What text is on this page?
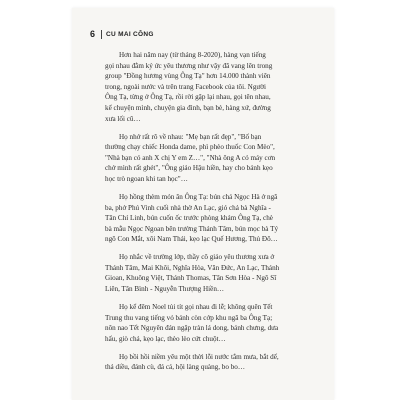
6 CU MAI CÔNG
Hơn hai năm nay (từ tháng 8-2020), hàng vạn tiếng
gọi nhau đằm ký ức yêu thương như vậy đã vang lên trong
group "Đồng hương vùng Ông Tạ" hơn 14.000 thành viên
trong, ngoài nước và trên trang Facebook của tôi. Người
Ông Tạ, từng ở Ông Tạ, rồi rời gặp lại nhau, gọi tên nhau,
kể chuyện mình, chuyện gia đình, bạn bè, hàng xứ, đường
xưa lối cũ…
Họ nhớ rất rõ về nhau: "Mẹ bạn rất đẹp", "Bố bạn
thường chạy chiếc Honda dame, phì phèo thuốc Con Mèo",
"Nhà bạn có anh X chị Y em Z…", "Nhà ông A có máy cơn
chở mình rất ghét", "Ông giáo Hậu hiền, hay cho bánh kẹo
học trò ngoan khi tan học"…
Họ hồng thèm món ăn Ông Tạ: bún chả Ngọc Hà ở ngã
ba, phở Phú Vinh cuối nhà thờ An Lạc, gió chả bà Nghĩa -
Tân Chí Linh, bún cuốn ốc trước phòng khám Ông Tạ, chè
bà mẫu Ngọc Ngoan bên trường Thánh Tâm, bún mọc bà Tý
ngõ Con Mắt, xôi Nam Thái, kẹo lạc Quế Hương, Thủ Đô…
Họ nhắc về trường lớp, thầy cô giáo yêu thương xưa ở
Thánh Tâm, Mai Khôi, Nghĩa Hòa, Văn Đức, An Lạc, Thánh
Gioan, Khuông Việt, Thánh Thomas, Tân Sơn Hòa - Ngô Sĩ
Liên, Tân Bình - Nguyễn Thượng Hiền…
Họ kể đêm Noel tủi tít gọi nhau đi lễ; không quên Tết
Trung thu vang tiếng vỏ bánh còn cớp khu ngã ba Ông Tạ;
nôn nao Tết Nguyên đán ngập tràn lá dong, bánh chưng, dưa
hấu, giò chả, kẹo lạc, thèo lèo cứt chuột…
Họ bồi hồi niềm yêu một thời lỗi nước tắm mưa, bắt dế,
thả diều, đánh cù, đá cá, hội làng quàng, bo bo…
